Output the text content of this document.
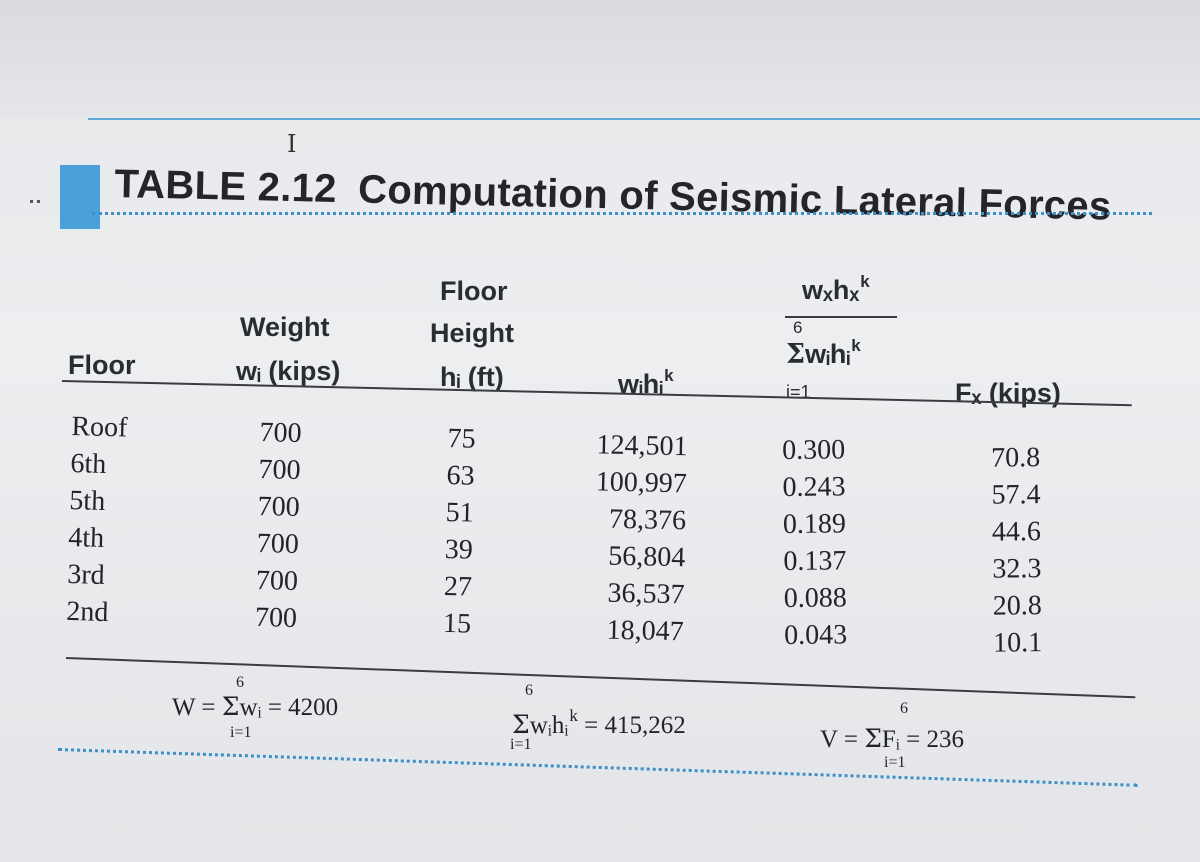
I
TABLE 2.12 Computation of Seismic Lateral Forces
Floor
Weight
wᵢ (kips)
Floor
Height
hᵢ (ft)	wᵢhᵢ$^k$
wₓhₓ$^k$
6
Σwᵢhᵢ$^k$
i=1	Fₓ (kips)
Roof
6th
5th
4th
3rd
2nd
700
700
700
700
700
700
75
63
51
39
27
15
124,501
100,997
78,376
56,804
36,537
18,047
0.300
0.243
0.189
0.137
0.088
0.043
70.8
57.4
44.6
32.3
20.8
10.1
6
W = Σwᵢ = 4200
i=1
6
Σwᵢhᵢ$^k$ = 415,262
i=1
6
V = ΣFᵢ = 236
i=1
